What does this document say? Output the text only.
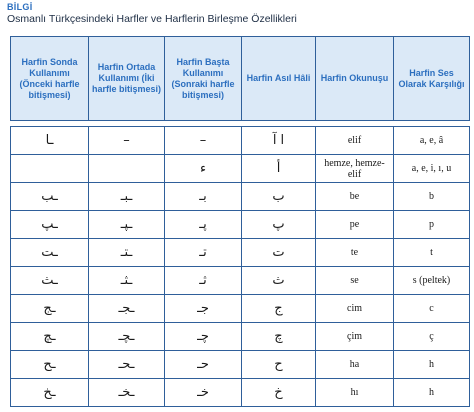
BİLGİ
Osmanlı Türkçesindeki Harfler ve Harflerin Birleşme Özellikleri
Harfin Sonda Kullanımı (Önceki harfle bitişmesi)	Harfin Ortada Kullanımı (İki harfle bitişmesi)	Harfin Başta Kullanımı (Sonraki harfle bitişmesi)	Harfin Asıl Hâli	Harfin Okunuşu	Harfin Ses Olarak Karşılığı

ـا	–	–	ا آ	elif	a, e, â
		ء	أ	hemze, hemze-elif	a, e, i, ı, u
ـب	ـبـ	بـ	ب	be	b
ـپ	ـپـ	پـ	پ	pe	p
ـت	ـتـ	تـ	ت	te	t
ـث	ـثـ	ثـ	ث	se	s (peltek)
ـج	ـجـ	جـ	ج	cim	c
ـچ	ـچـ	چـ	چ	çim	ç
ـح	ـحـ	حـ	ح	ha	h
ـخ	ـخـ	خـ	خ	hı	h
